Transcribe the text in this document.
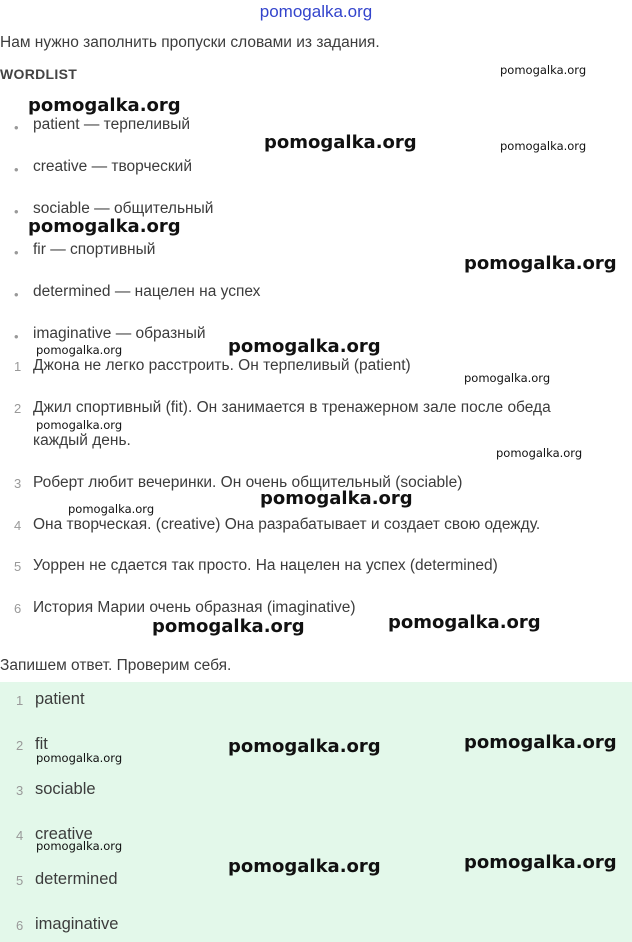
pomogalka.org
Нам нужно заполнить пропуски словами из задания.
WORDLIST
• patient — терпеливый
• creative — творческий
• sociable — общительный
• fir — спортивный
• determined — нацелен на успех
• imaginative — образный
1 Джона не легко расстроить. Он терпеливый (patient)
2 Джил спортивный (fit). Он занимается в тренажерном зале после обеда
каждый день.
3 Роберт любит вечеринки. Он очень общительный (sociable)
4 Она творческая. (creative) Она разрабатывает и создает свою одежду.
5 Уоррен не сдается так просто. На нацелен на успех (determined)
6 История Марии очень образная (imaginative)
Запишем ответ. Проверим себя.
1 patient
2 fit
3 sociable
4 creative
5 determined
6 imaginative
pomogalka.org
pomogalka.org
pomogalka.org	pomogalka.org
pomogalka.org
pomogalka.org
pomogalka.org
pomogalka.org
pomogalka.org
pomogalka.org
pomogalka.org
pomogalka.org
pomogalka.org
pomogalka.org
pomogalka.org
pomogalka.org
pomogalka.org
pomogalka.org
pomogalka.org
pomogalka.org
pomogalka.org
